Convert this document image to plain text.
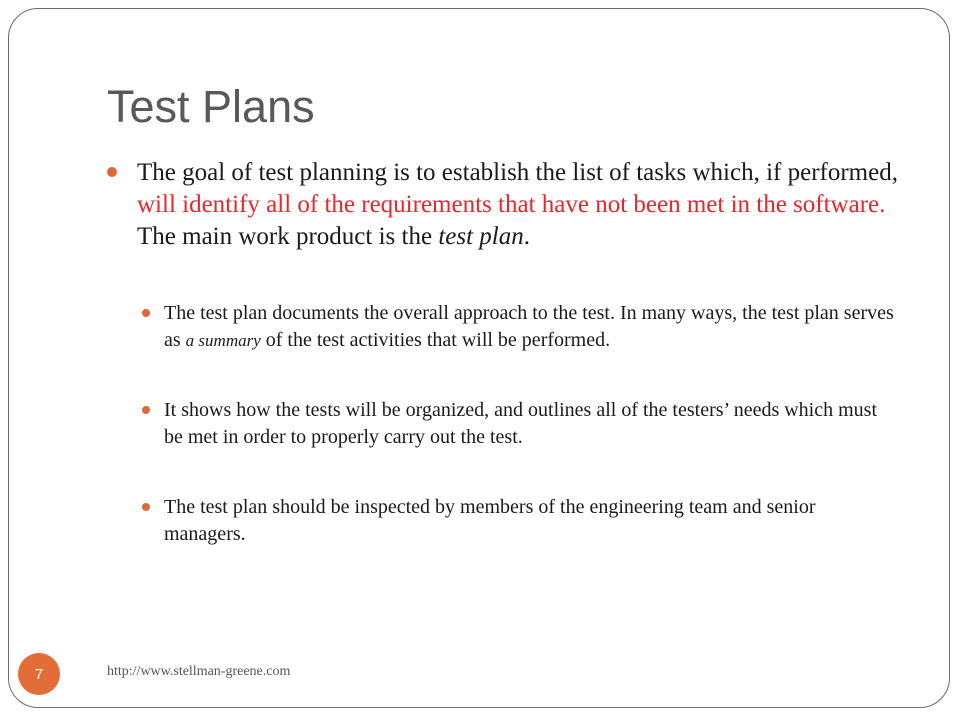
Test Plans
The goal of test planning is to establish the list of tasks which, if performed, will identify all of the requirements that have not been met in the software. The main work product is the test plan.
The test plan documents the overall approach to the test. In many ways, the test plan serves as a summary of the test activities that will be performed.
It shows how the tests will be organized, and outlines all of the testers’ needs which must be met in order to properly carry out the test.
The test plan should be inspected by members of the engineering team and senior managers.
7	http://www.stellman-greene.com
